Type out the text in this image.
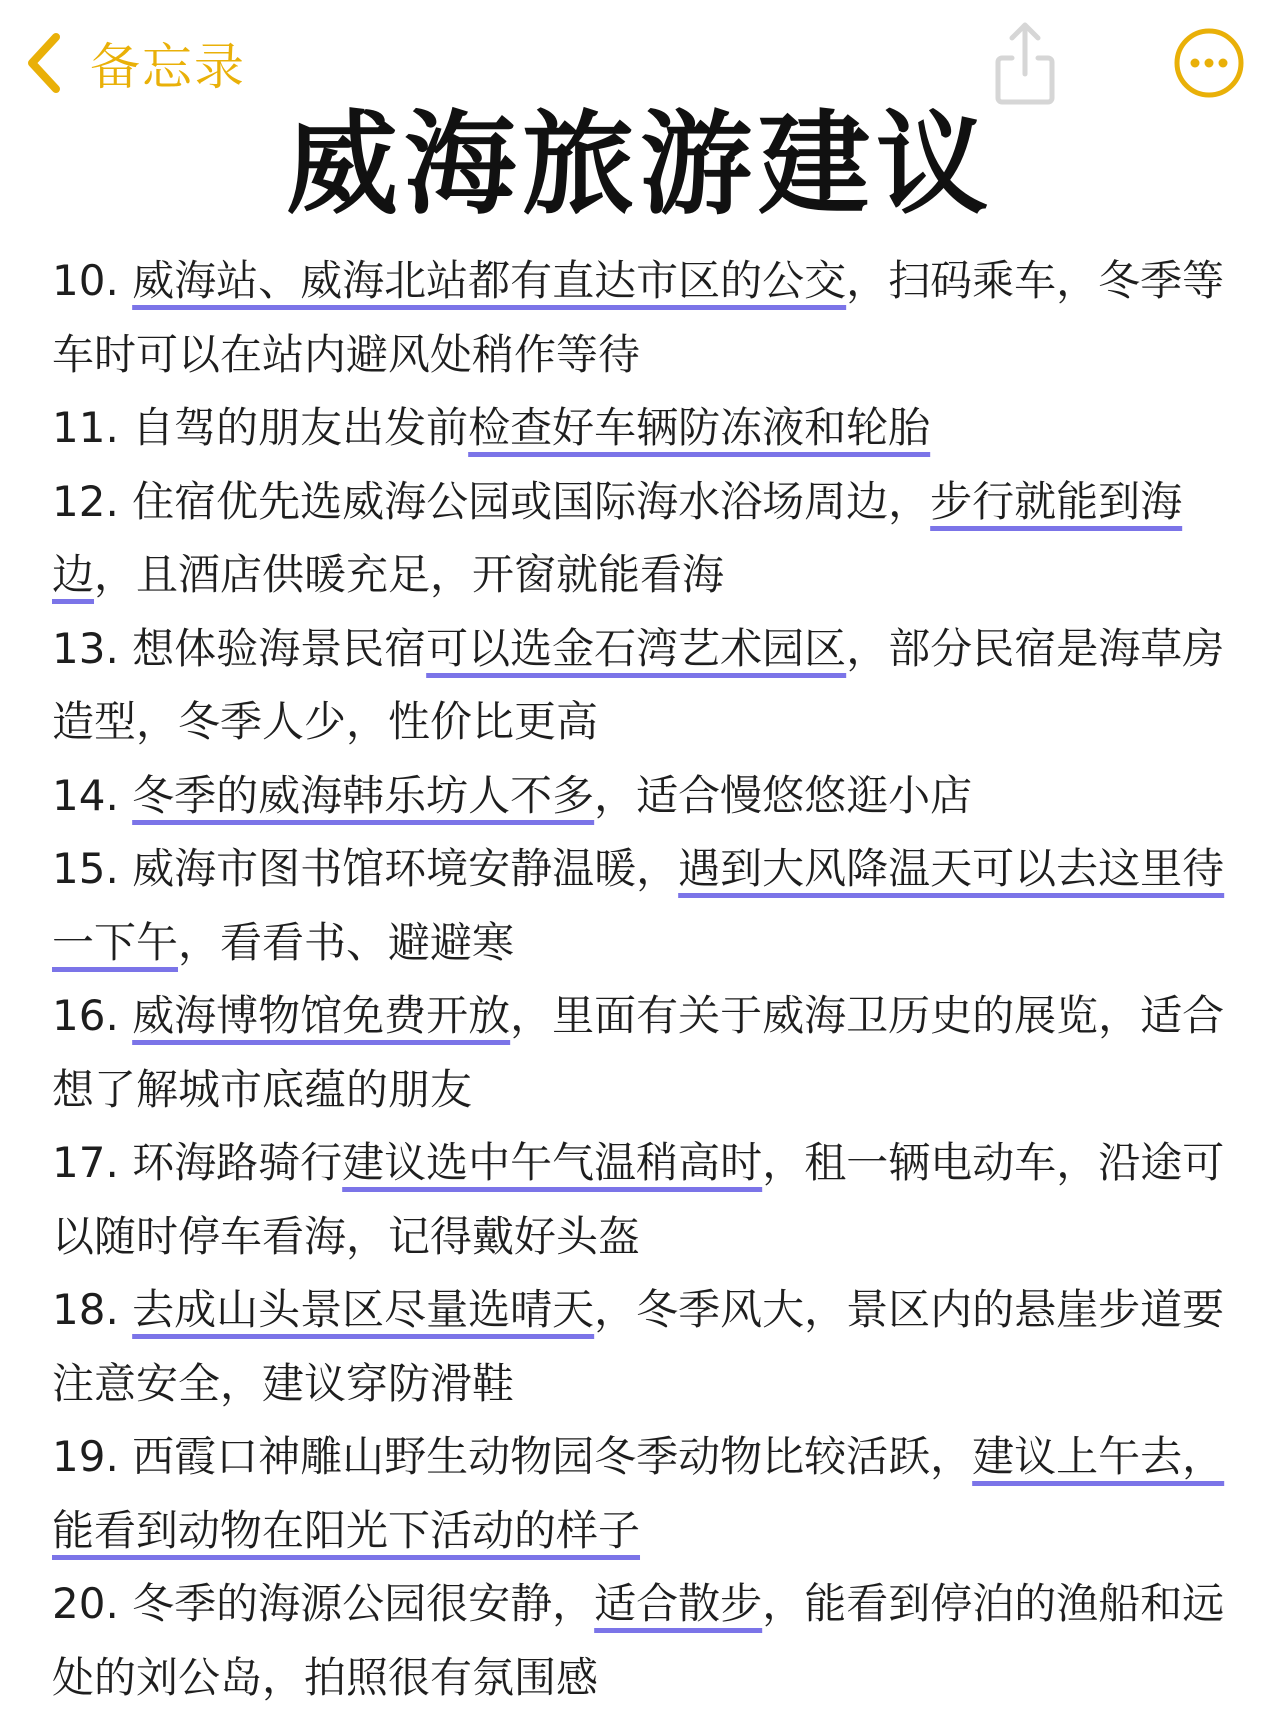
备忘录
威海旅游建议

10. 威海站、威海北站都有直达市区的公交，扫码乘车，冬季等车时可以在站内避风处稍作等待

11. 自驾的朋友出发前检查好车辆防冻液和轮胎

12. 住宿优先选威海公园或国际海水浴场周边，步行就能到海边，且酒店供暖充足，开窗就能看海

13. 想体验海景民宿可以选金石湾艺术园区，部分民宿是海草房造型，冬季人少，性价比更高

14. 冬季的威海韩乐坊人不多，适合慢悠悠逛小店

15. 威海市图书馆环境安静温暖，遇到大风降温天可以去这里待一下午，看看书、避避寒

16. 威海博物馆免费开放，里面有关于威海卫历史的展览，适合想了解城市底蕴的朋友

17. 环海路骑行建议选中午气温稍高时，租一辆电动车，沿途可以随时停车看海，记得戴好头盔

18. 去成山头景区尽量选晴天，冬季风大，景区内的悬崖步道要注意安全，建议穿防滑鞋

19. 西霞口神雕山野生动物园冬季动物比较活跃，建议上午去，能看到动物在阳光下活动的样子

20. 冬季的海源公园很安静，适合散步，能看到停泊的渔船和远处的刘公岛，拍照很有氛围感
